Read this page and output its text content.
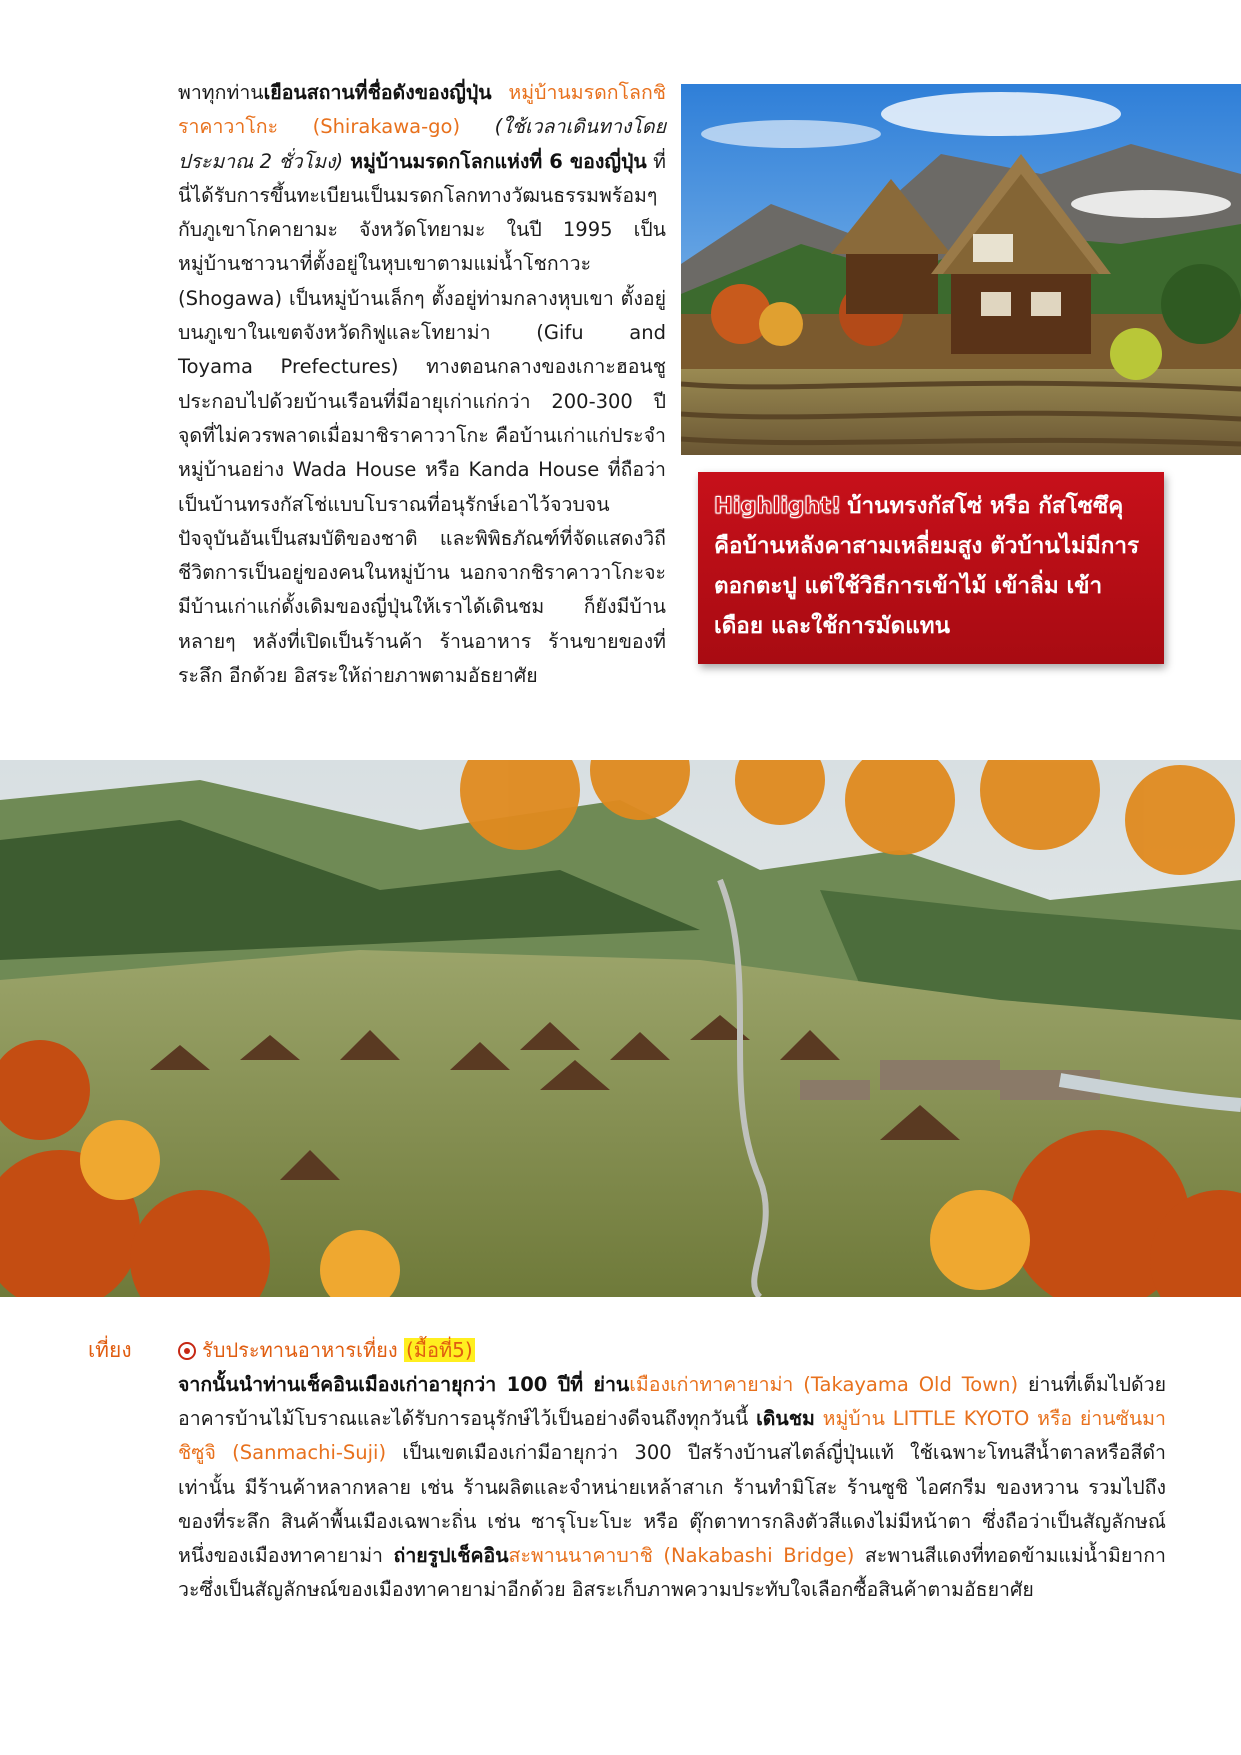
พาทุกท่านเยือนสถานที่ชื่อดังของญี่ปุ่น หมู่บ้านมรดกโลกชิราคาวาโกะ (Shirakawa-go) (ใช้เวลาเดินทางโดยประมาณ 2 ชั่วโมง) หมู่บ้านมรดกโลกแห่งที่ 6 ของญี่ปุ่น ที่นี่ได้รับการขึ้นทะเบียนเป็นมรดกโลกทางวัฒนธรรมพร้อมๆ กับภูเขาโกคายามะ จังหวัดโทยามะ ในปี 1995 เป็นหมู่บ้านชาวนาที่ตั้งอยู่ในหุบเขาตามแม่น้ำโชกาวะ (Shogawa) เป็นหมู่บ้านเล็กๆ ตั้งอยู่ท่ามกลางหุบเขา ตั้งอยู่บนภูเขาในเขตจังหวัดกิฟูและโทยาม่า (Gifu and Toyama Prefectures) ทางตอนกลางของเกาะฮอนชู ประกอบไปด้วยบ้านเรือนที่มีอายุเก่าแก่กว่า 200-300 ปี จุดที่ไม่ควรพลาดเมื่อมาชิราคาวาโกะ คือบ้านเก่าแก่ประจำหมู่บ้านอย่าง Wada House หรือ Kanda House ที่ถือว่าเป็นบ้านทรงกัสโช่แบบโบราณที่อนุรักษ์เอาไว้จวบจนปัจจุบันอันเป็นสมบัติของชาติ และพิพิธภัณฑ์ที่จัดแสดงวิถีชีวิตการเป็นอยู่ของคนในหมู่บ้าน นอกจากชิราคาวาโกะจะมีบ้านเก่าแก่ดั้งเดิมของญี่ปุ่นให้เราได้เดินชม ก็ยังมีบ้านหลายๆ หลังที่เปิดเป็นร้านค้า ร้านอาหาร ร้านขายของที่ระลึก อีกด้วย อิสระให้ถ่ายภาพตามอัธยาศัย
Highlight! บ้านทรงกัสโซ่ หรือ กัสโซซึคุ คือบ้านหลังคาสามเหลี่ยมสูง ตัวบ้านไม่มีการตอกตะปู แต่ใช้วิธีการเข้าไม้ เข้าลิ่ม เข้าเดือย และใช้การมัดแทน
เที่ยง	รับประทานอาหารเที่ยง (มื้อที่5)
จากนั้นนำท่านเช็คอินเมืองเก่าอายุกว่า 100 ปีที่ ย่านเมืองเก่าทาคายาม่า (Takayama Old Town) ย่านที่เต็มไปด้วยอาคารบ้านไม้โบราณและได้รับการอนุรักษ์ไว้เป็นอย่างดีจนถึงทุกวันนี้ เดินชม หมู่บ้าน LITTLE KYOTO หรือ ย่านซันมาชิซูจิ (Sanmachi-Suji) เป็นเขตเมืองเก่ามีอายุกว่า 300 ปีสร้างบ้านสไตล์ญี่ปุ่นแท้ ใช้เฉพาะโทนสีน้ำตาลหรือสีดำเท่านั้น มีร้านค้าหลากหลาย เช่น ร้านผลิตและจำหน่ายเหล้าสาเก ร้านทำมิโสะ ร้านซูชิ ไอศกรีม ของหวาน รวมไปถึงของที่ระลึก สินค้าพื้นเมืองเฉพาะถิ่น เช่น ซารุโบะโบะ หรือ ตุ๊กตาทารกลิงตัวสีแดงไม่มีหน้าตา ซึ่งถือว่าเป็นสัญลักษณ์หนึ่งของเมืองทาคายาม่า ถ่ายรูปเช็คอินสะพานนาคาบาชิ (Nakabashi Bridge) สะพานสีแดงที่ทอดข้ามแม่น้ำมิยากาวะซึ่งเป็นสัญลักษณ์ของเมืองทาคายาม่าอีกด้วย อิสระเก็บภาพความประทับใจเลือกซื้อสินค้าตามอัธยาศัย
